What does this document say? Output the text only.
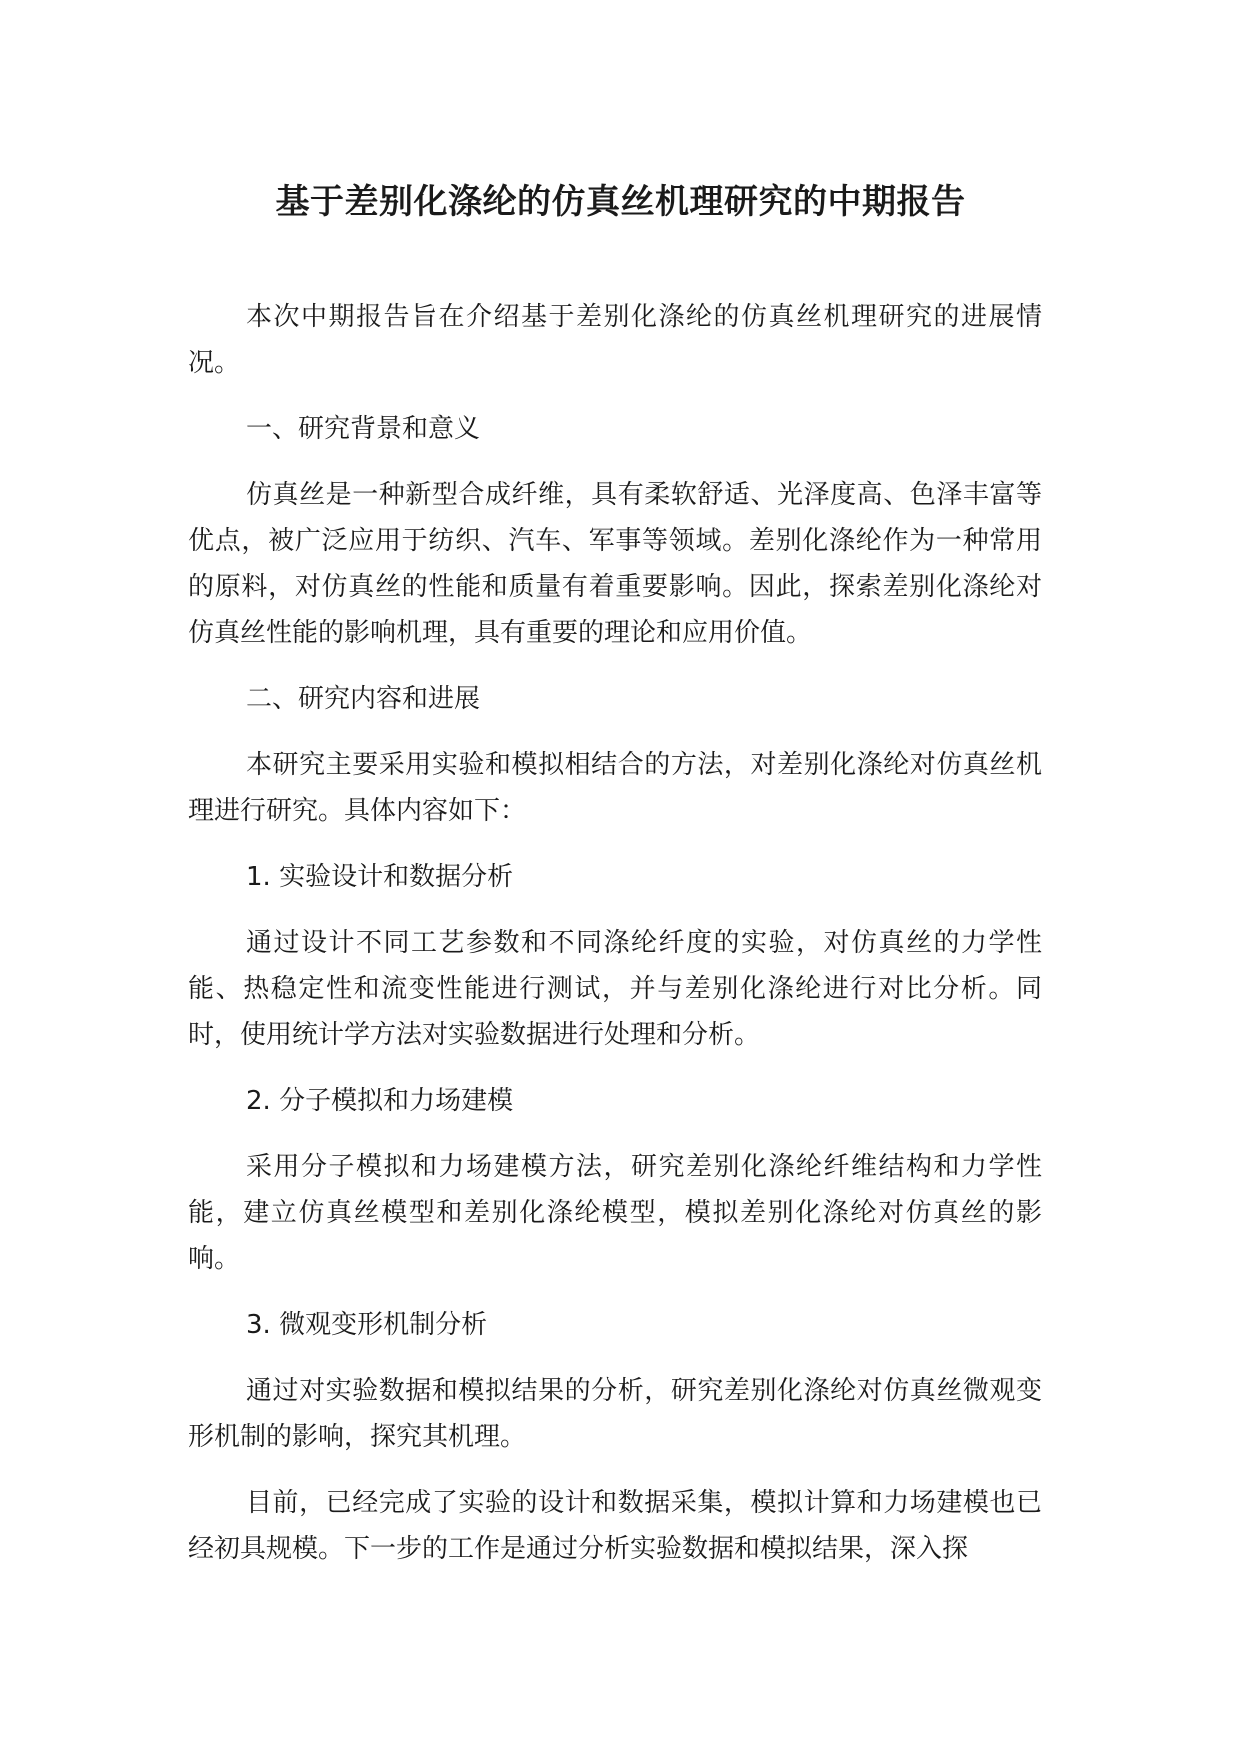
基于差别化涤纶的仿真丝机理研究的中期报告

本次中期报告旨在介绍基于差别化涤纶的仿真丝机理研究的进展情况。

一、研究背景和意义

仿真丝是一种新型合成纤维，具有柔软舒适、光泽度高、色泽丰富等优点，被广泛应用于纺织、汽车、军事等领域。差别化涤纶作为一种常用的原料，对仿真丝的性能和质量有着重要影响。因此，探索差别化涤纶对仿真丝性能的影响机理，具有重要的理论和应用价值。

二、研究内容和进展

本研究主要采用实验和模拟相结合的方法，对差别化涤纶对仿真丝机理进行研究。具体内容如下：

1. 实验设计和数据分析

通过设计不同工艺参数和不同涤纶纤度的实验，对仿真丝的力学性能、热稳定性和流变性能进行测试，并与差别化涤纶进行对比分析。同时，使用统计学方法对实验数据进行处理和分析。

2. 分子模拟和力场建模

采用分子模拟和力场建模方法，研究差别化涤纶纤维结构和力学性能，建立仿真丝模型和差别化涤纶模型，模拟差别化涤纶对仿真丝的影响。

3. 微观变形机制分析

通过对实验数据和模拟结果的分析，研究差别化涤纶对仿真丝微观变形机制的影响，探究其机理。

目前，已经完成了实验的设计和数据采集，模拟计算和力场建模也已经初具规模。下一步的工作是通过分析实验数据和模拟结果，深入探
